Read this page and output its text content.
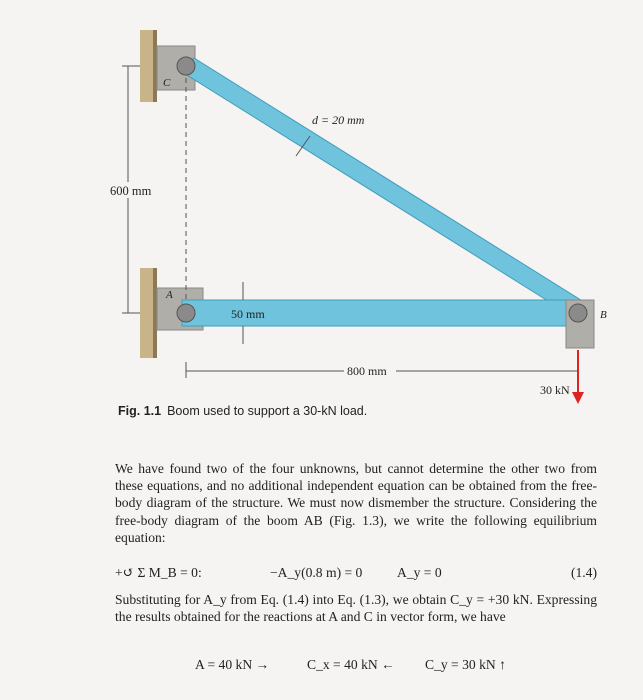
600 mm
50 mm
d = 20 mm
800 mm
C
A
B
30 kN
Fig. 1.1 Boom used to support a 30-kN load.

We have found two of the four unknowns, but cannot determine the other two from these equations, and no additional independent equation can be obtained from the free-body diagram of the structure. We must now dismember the structure. Considering the free-body diagram of the boom AB (Fig. 1.3), we write the following equilibrium equation:

+↺ Σ M_B = 0:	−A_y(0.8 m) = 0	A_y = 0	(1.4)

Substituting for A_y from Eq. (1.4) into Eq. (1.3), we obtain C_y = +30 kN. Expressing the results obtained for the reactions at A and C in vector form, we have

A = 40 kN →	C_x = 40 kN ← C_y = 30 kN ↑
